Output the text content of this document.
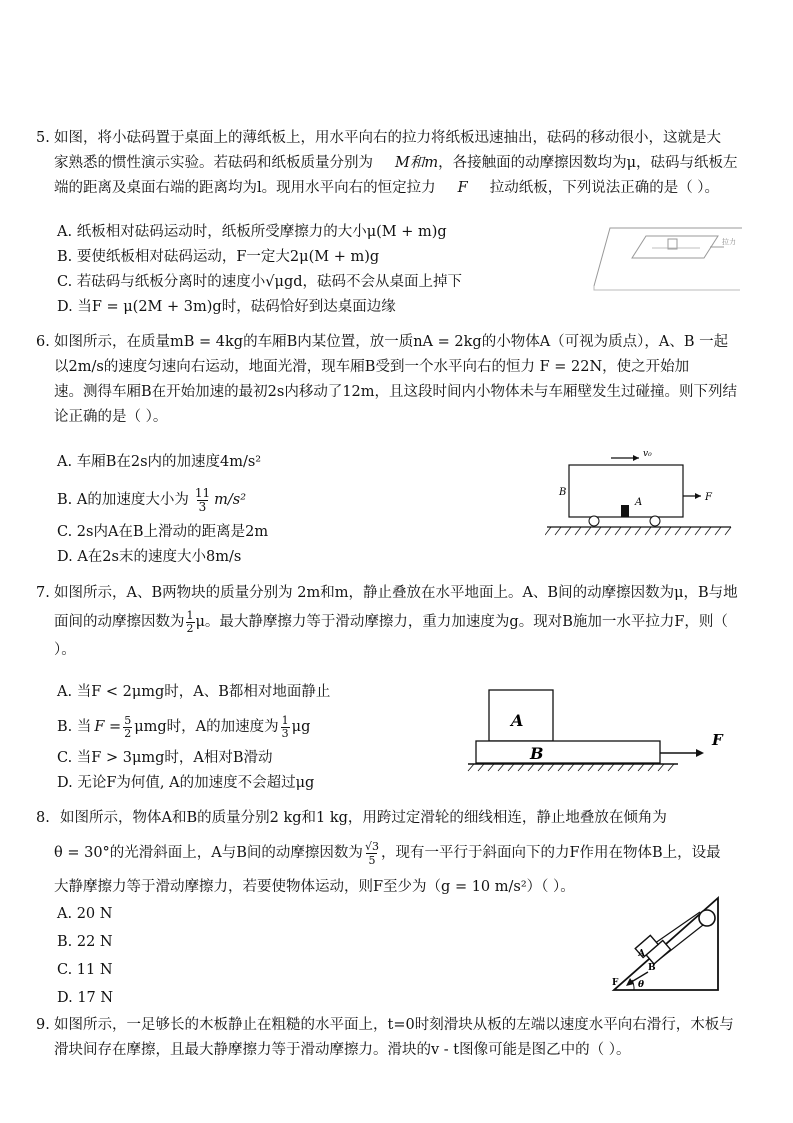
5. 如图，将小砝码置于桌面上的薄纸板上，用水平向右的拉力将纸板迅速抽出，砝码的移动很小，这就是大
家熟悉的惯性演示实验。若砝码和纸板质量分别为 M和m，各接触面的动摩擦因数均为μ，砝码与纸板左
端的距离及桌面右端的距离均为l。现用水平向右的恒定拉力 F 拉动纸板，下列说法正确的是（ ）。
A. 纸板相对砝码运动时，纸板所受摩擦力的大小μ(M + m)g
B. 要使纸板相对砝码运动，F一定大2μ(M + m)g
C. 若砝码与纸板分离时的速度小√μgd，砝码不会从桌面上掉下
D. 当F = μ(2M + 3m)g时，砝码恰好到达桌面边缘
拉力
6. 如图所示，在质量mB = 4kg的车厢B内某位置，放一质nA = 2kg的小物体A（可视为质点），A、B 一起
以2m/s的速度匀速向右运动，地面光滑，现车厢B受到一个水平向右的恒力 F = 22N，使之开始加
速。测得车厢B在开始加速的最初2s内移动了12m，且这段时间内小物体未与车厢壁发生过碰撞。则下列结
论正确的是（ ）。
A. 车厢B在2s内的加速度4m/s²
B. A的加速度大小为 $\frac{11}{3} m/s^2$
C. 2s内A在B上滑动的距离是2m
D. A在2s末的速度大小8m/s
v₀
B
A	F
7. 如图所示，A、B两物块的质量分别为 2m和m，静止叠放在水平地面上。A、B间的动摩擦因数为μ，B与地
面间的动摩擦因数为 $\frac{1}{2}$ μ。最大静摩擦力等于滑动摩擦力，重力加速度为g。现对B施加一水平拉力F，则（
）。
A. 当F < 2μmg时，A、B都相对地面静止
B. 当 $F = \frac{5}{2}$ μmg时，A的加速度为 $\frac{1}{3}$ μg
C. 当F > 3μmg时，A相对B滑动
D. 无论F为何值, A的加速度不会超过μg
A
B
F
8. 如图所示，物体A和B的质量分别2 kg和1 kg，用跨过定滑轮的细线相连，静止地叠放在倾角为
θ = 30°的光滑斜面上，A与B间的动摩擦因数为 $\frac{√3}{5}$ ，现有一平行于斜面向下的力F作用在物体B上，设最
大静摩擦力等于滑动摩擦力，若要使物体运动，则F至少为（g = 10 m/s²）（ ）。
A. 20 N
B. 22 N
C. 11 N
D. 17 N
A
B
F θ
9. 如图所示，一足够长的木板静止在粗糙的水平面上，t=0时刻滑块从板的左端以速度水平向右滑行，木板与
滑块间存在摩擦，且最大静摩擦力等于滑动摩擦力。滑块的v - t图像可能是图乙中的（ ）。
